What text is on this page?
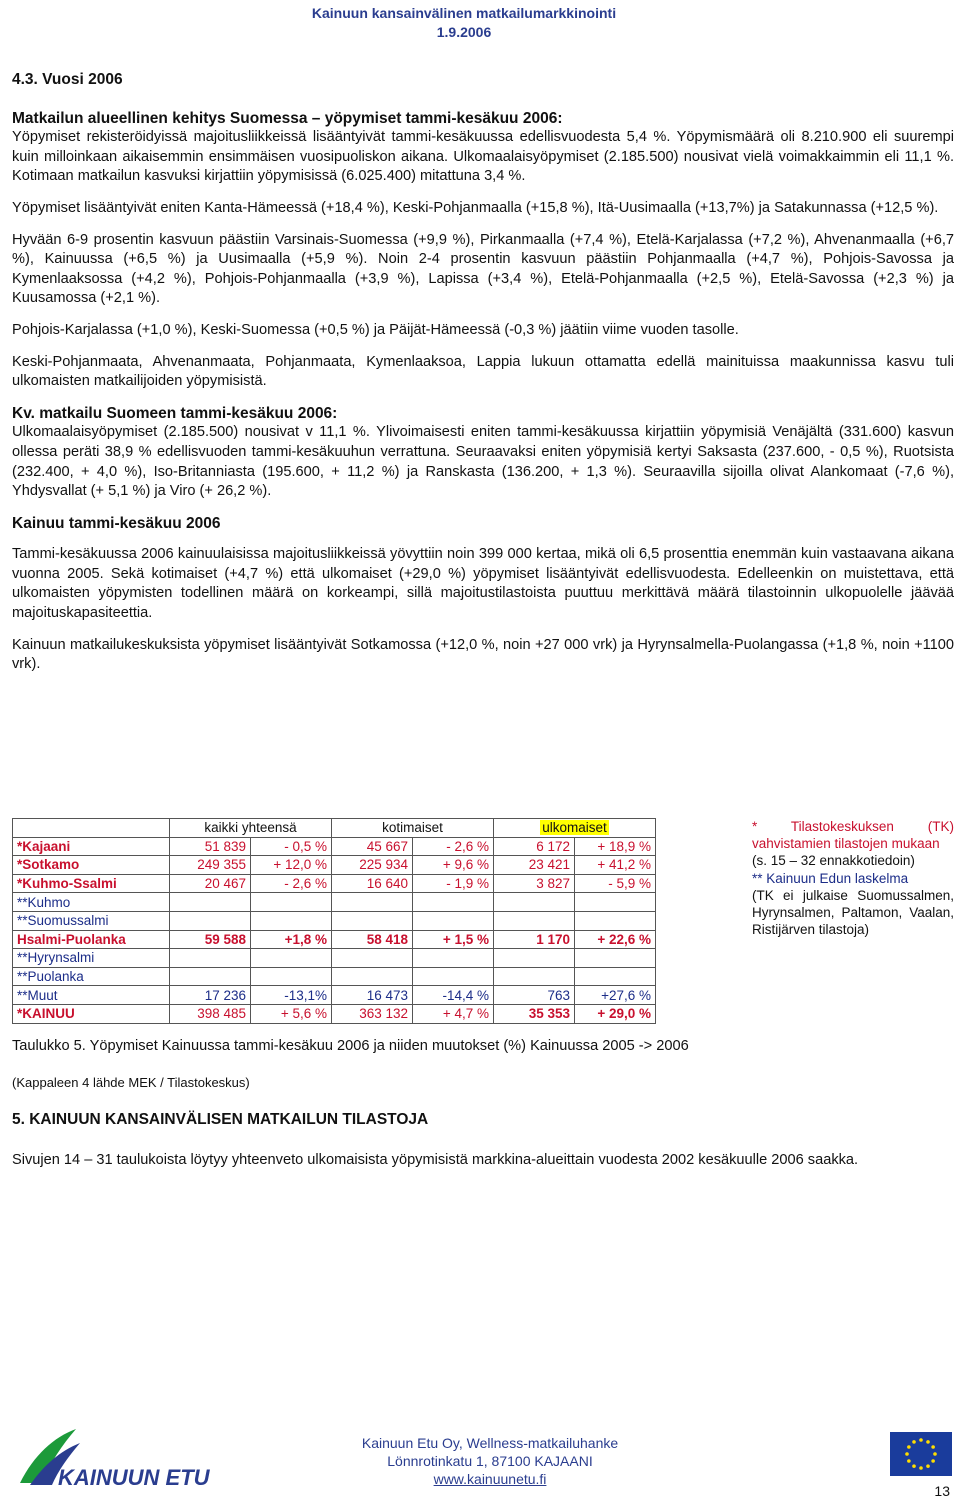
Kainuun kansainvälinen matkailumarkkinointi
1.9.2006

4.3. Vuosi 2006

Matkailun alueellinen kehitys Suomessa – yöpymiset tammi-kesäkuu 2006:

Yöpymiset rekisteröidyissä majoitusliikkeissä lisääntyivät tammi-kesäkuussa edellisvuodesta 5,4 %. Yöpymismäärä oli 8.210.900 eli suurempi kuin milloinkaan aikaisemmin ensimmäisen vuosipuoliskon aikana. Ulkomaalaisyöpymiset (2.185.500) nousivat vielä voimakkaimmin eli 11,1 %. Kotimaan matkailun kasvuksi kirjattiin yöpymisissä (6.025.400) mitattuna 3,4 %.

Yöpymiset lisääntyivät eniten Kanta-Hämeessä (+18,4 %), Keski-Pohjanmaalla (+15,8 %), Itä-Uusimaalla (+13,7%) ja Satakunnassa (+12,5 %).

Hyvään 6-9 prosentin kasvuun päästiin Varsinais-Suomessa (+9,9 %), Pirkanmaalla (+7,4 %), Etelä-Karjalassa (+7,2 %), Ahvenanmaalla (+6,7 %), Kainuussa (+6,5 %) ja Uusimaalla (+5,9 %). Noin 2-4 prosentin kasvuun päästiin Pohjanmaalla (+4,7 %), Pohjois-Savossa ja Kymenlaaksossa (+4,2 %), Pohjois-Pohjanmaalla (+3,9 %), Lapissa (+3,4 %), Etelä-Pohjanmaalla (+2,5 %), Etelä-Savossa (+2,3 %) ja Kuusamossa (+2,1 %).

Pohjois-Karjalassa (+1,0 %), Keski-Suomessa (+0,5 %) ja Päijät-Hämeessä (-0,3 %) jäätiin viime vuoden tasolle.

Keski-Pohjanmaata, Ahvenanmaata, Pohjanmaata, Kymenlaaksoa, Lappia lukuun ottamatta edellä mainituissa maakunnissa kasvu tuli ulkomaisten matkailijoiden yöpymisistä.

Kv. matkailu Suomeen tammi-kesäkuu 2006:

Ulkomaalaisyöpymiset (2.185.500) nousivat v 11,1 %. Ylivoimaisesti eniten tammi-kesäkuussa kirjattiin yöpymisiä Venäjältä (331.600) kasvun ollessa peräti 38,9 % edellisvuoden tammi-kesäkuuhun verrattuna. Seuraavaksi eniten yöpymisiä kertyi Saksasta (237.600, - 0,5 %), Ruotsista (232.400, + 4,0 %), Iso-Britanniasta (195.600, + 11,2 %) ja Ranskasta (136.200, + 1,3 %). Seuraavilla sijoilla olivat Alankomaat (-7,6 %), Yhdysvallat (+ 5,1 %) ja Viro (+ 26,2 %).

Kainuu tammi-kesäkuu 2006

Tammi-kesäkuussa 2006 kainuulaisissa majoitusliikkeissä yövyttiin noin 399 000 kertaa, mikä oli 6,5 prosenttia enemmän kuin vastaavana aikana vuonna 2005. Sekä kotimaiset (+4,7 %) että ulkomaiset (+29,0 %) yöpymiset lisääntyivät edellisvuodesta. Edelleenkin on muistettava, että ulkomaisten yöpymisten todellinen määrä on korkeampi, sillä majoitustilastoista puuttuu merkittävä määrä tilastoinnin ulkopuolelle jäävää majoituskapasiteettia.

Kainuun matkailukeskuksista yöpymiset lisääntyivät Sotkamossa (+12,0 %, noin +27 000 vrk) ja Hyrynsalmella-Puolangassa (+1,8 %, noin +1100 vrk).

	kaikki yhteensä		kotimaiset		ulkomaiset	
*Kajaani	51 839	- 0,5 %	45 667	- 2,6 %	6 172	+ 18,9 %
*Sotkamo	249 355	+ 12,0 %	225 934	+ 9,6 %	23 421	+ 41,2 %
*Kuhmo-Ssalmi	20 467	- 2,6 %	16 640	- 1,9 %	3 827	- 5,9 %
**Kuhmo						
**Suomussalmi						
Hsalmi-Puolanka	59 588	+1,8 %	58 418	+ 1,5 %	1 170	+ 22,6 %
**Hyrynsalmi						
**Puolanka						
**Muut	17 236	-13,1%	16 473	-14,4 %	763	+27,6 %
*KAINUU	398 485	+ 5,6 %	363 132	+ 4,7 %	35 353	+ 29,0 %
* Tilastokeskuksen (TK) vahvistamien tilastojen mukaan
(s. 15 – 32 ennakkotiedoin)
** Kainuun Edun laskelma
(TK ei julkaise Suomussalmen, Hyrynsalmen, Paltamon, Vaalan, Ristijärven tilastoja)
Taulukko 5. Yöpymiset Kainuussa tammi-kesäkuu 2006 ja niiden muutokset (%) Kainuussa 2005 -> 2006
(Kappaleen 4 lähde MEK / Tilastokeskus)
5. KAINUUN KANSAINVÄLISEN MATKAILUN TILASTOJA
Sivujen 14 – 31 taulukoista löytyy yhteenveto ulkomaisista yöpymisistä markkina-alueittain vuodesta 2002 kesäkuulle 2006 saakka.
KAINUUN ETU
Kainuun Etu Oy, Wellness-matkailuhanke
Lönnrotinkatu 1, 87100 KAJAANI
www.kainuunetu.fi
13
